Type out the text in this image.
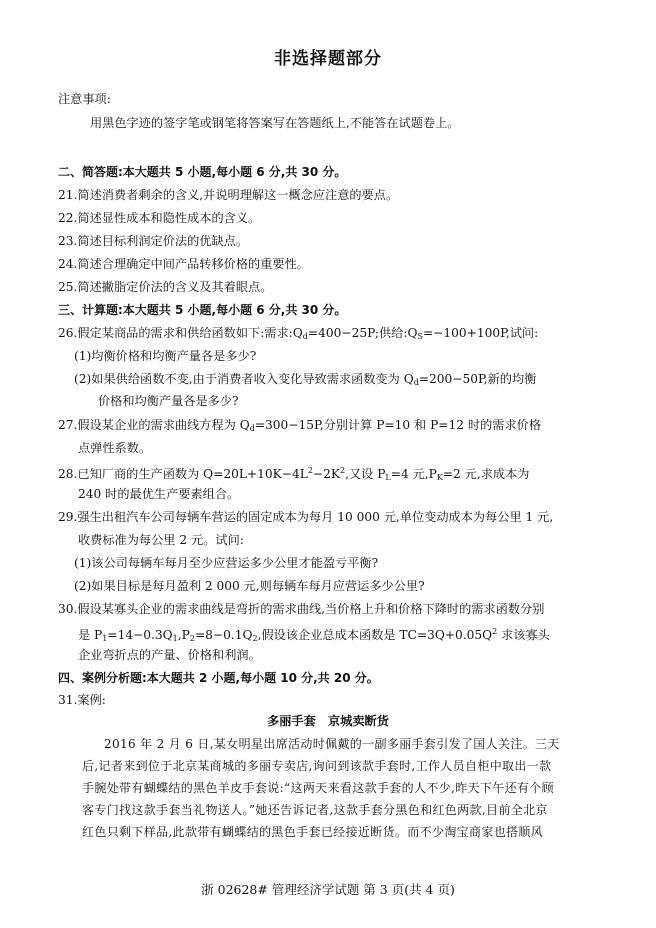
非选择题部分
注意事项:
用黑色字迹的签字笔或钢笔将答案写在答题纸上,不能答在试题卷上。
二、简答题:本大题共 5 小题,每小题 6 分,共 30 分。
21.简述消费者剩余的含义,并说明理解这一概念应注意的要点。
22.简述显性成本和隐性成本的含义。
23.简述目标利润定价法的优缺点。
24.简述合理确定中间产品转移价格的重要性。
25.简述撇脂定价法的含义及其着眼点。
三、计算题:本大题共 5 小题,每小题 6 分,共 30 分。
26.假定某商品的需求和供给函数如下:需求$:Q_d=400-25P$;供给$:Q_S=-100+100P$,试问:
(1)均衡价格和均衡产量各是多少?
(2)如果供给函数不变,由于消费者收入变化导致需求函数变为 $Q_d=200-50P$,新的均衡
价格和均衡产量各是多少?
27.假设某企业的需求曲线方程为 $Q_d=300-15P$,分别计算 P=10 和 P=12 时的需求价格
点弹性系数。
28.已知厂商的生产函数为 $Q=20L+10K-4L^2-2K^2$,又设 $P_L=4$ 元$,P_K=2$ 元,求成本为
240 时的最优生产要素组合。
29.强生出租汽车公司每辆车营运的固定成本为每月 10 000 元,单位变动成本为每公里 1 元,
收费标准为每公里 2 元。试问:
(1)该公司每辆车每月至少应营运多少公里才能盈亏平衡?
(2)如果目标是每月盈利 2 000 元,则每辆车每月应营运多少公里?
30.假设某寡头企业的需求曲线是弯折的需求曲线,当价格上升和价格下降时的需求函数分别
是 $P_1=14-0.3Q_1,P_2=8-0.1Q_2$,假设该企业总成本函数是 $TC=3Q+0.05Q^2$ 求该寡头
企业弯折点的产量、价格和利润。
四、案例分析题:本大题共 2 小题,每小题 10 分,共 20 分。
31.案例:
多丽手套　京城卖断货
2016 年 2 月 6 日,某女明星出席活动时佩戴的一副多丽手套引发了国人关注。三天
后,记者来到位于北京某商城的多丽专卖店,询问到该款手套时,工作人员自柜中取出一款
手腕处带有蝴蝶结的黑色羊皮手套说:“这两天来看这款手套的人不少,昨天下午还有个顾
客专门找这款手套当礼物送人。”她还告诉记者,这款手套分黑色和红色两款,目前全北京
红色只剩下样品,此款带有蝴蝶结的黑色手套已经接近断货。而不少淘宝商家也搭顺风
浙 02628# 管理经济学试题 第 3 页(共 4 页)
